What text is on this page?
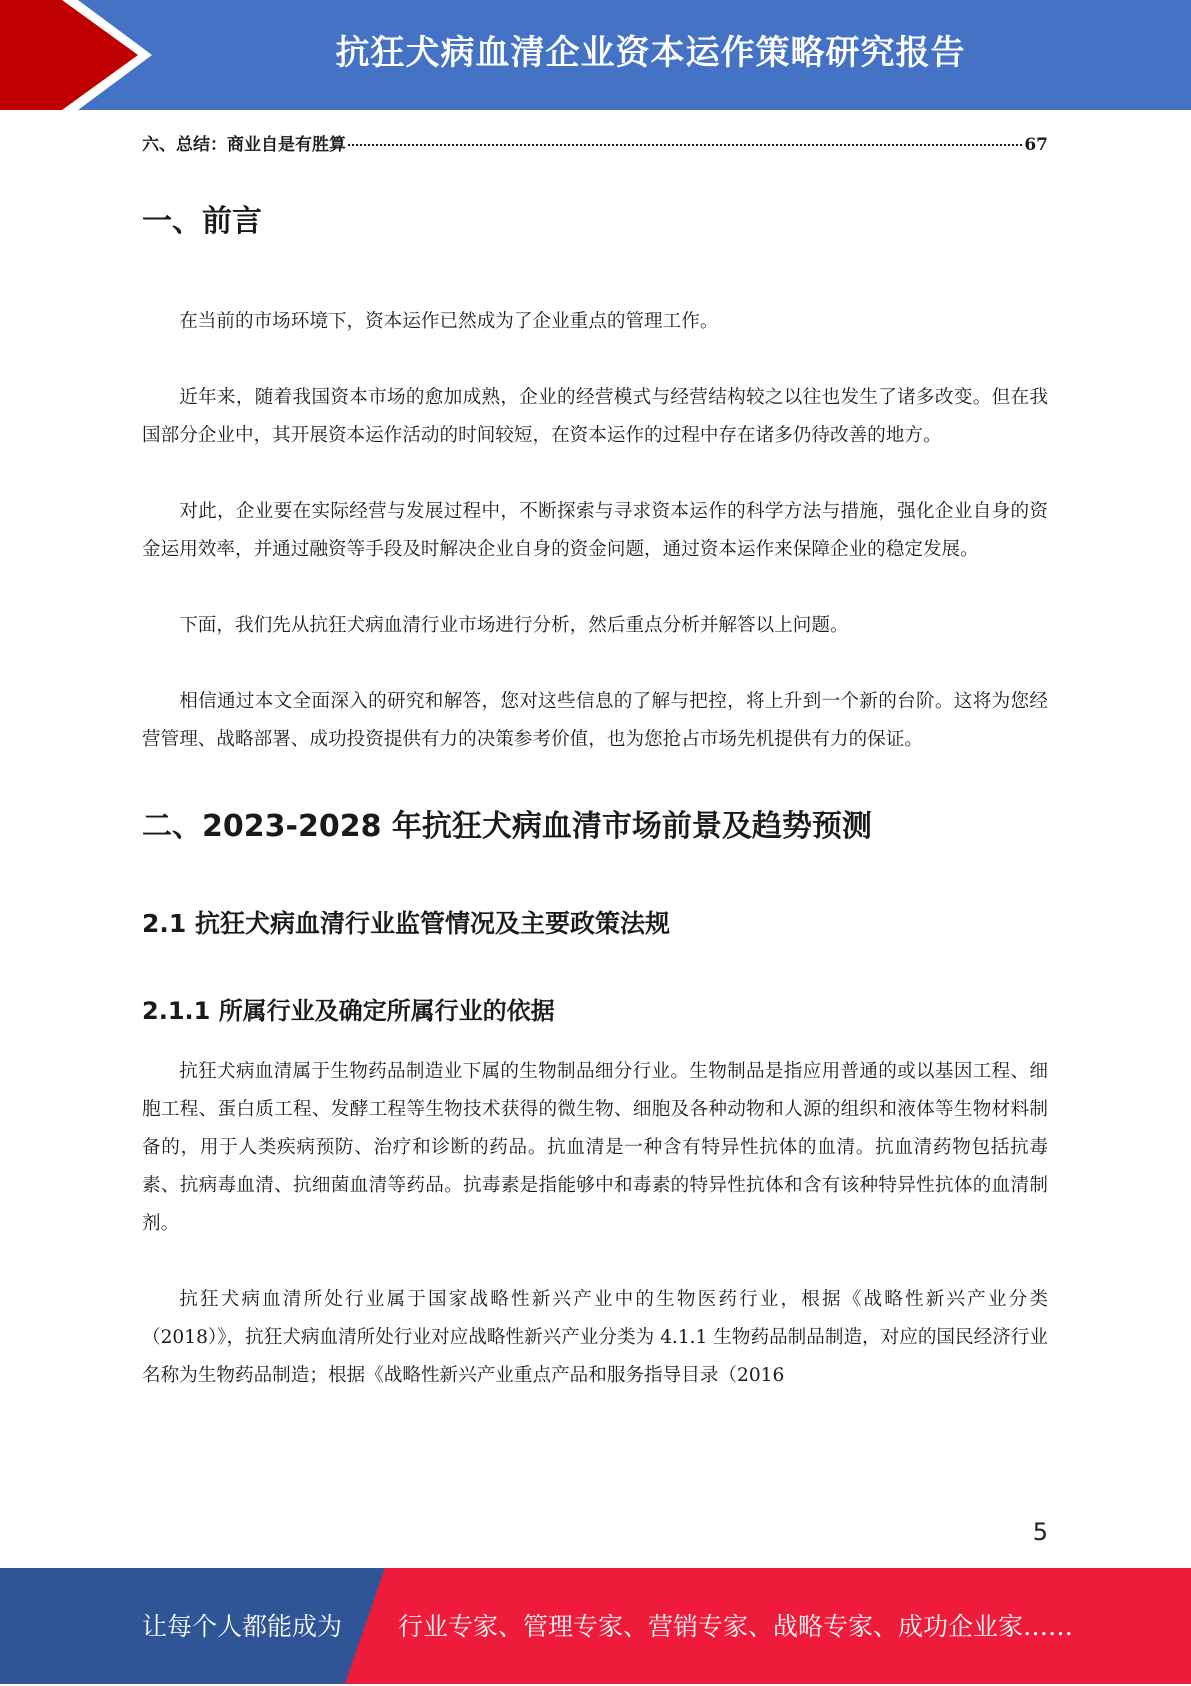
抗狂犬病血清企业资本运作策略研究报告
六、总结：商业自是有胜算	67
一、前言

在当前的市场环境下，资本运作已然成为了企业重点的管理工作。

近年来，随着我国资本市场的愈加成熟，企业的经营模式与经营结构较之以往也发生了诸多改变。但在我国部分企业中，其开展资本运作活动的时间较短，在资本运作的过程中存在诸多仍待改善的地方。

对此，企业要在实际经营与发展过程中，不断探索与寻求资本运作的科学方法与措施，强化企业自身的资金运用效率，并通过融资等手段及时解决企业自身的资金问题，通过资本运作来保障企业的稳定发展。

下面，我们先从抗狂犬病血清行业市场进行分析，然后重点分析并解答以上问题。

相信通过本文全面深入的研究和解答，您对这些信息的了解与把控，将上升到一个新的台阶。这将为您经营管理、战略部署、成功投资提供有力的决策参考价值，也为您抢占市场先机提供有力的保证。

二、2023-2028 年抗狂犬病血清市场前景及趋势预测
2.1 抗狂犬病血清行业监管情况及主要政策法规
2.1.1 所属行业及确定所属行业的依据

抗狂犬病血清属于生物药品制造业下属的生物制品细分行业。生物制品是指应用普通的或以基因工程、细胞工程、蛋白质工程、发酵工程等生物技术获得的微生物、细胞及各种动物和人源的组织和液体等生物材料制备的，用于人类疾病预防、治疗和诊断的药品。抗血清是一种含有特异性抗体的血清。抗血清药物包括抗毒素、抗病毒血清、抗细菌血清等药品。抗毒素是指能够中和毒素的特异性抗体和含有该种特异性抗体的血清制剂。

抗狂犬病血清所处行业属于国家战略性新兴产业中的生物医药行业，根据《战略性新兴产业分类（2018）》，抗狂犬病血清所处行业对应战略性新兴产业分类为 4.1.1 生物药品制品制造，对应的国民经济行业名称为生物药品制造；根据《战略性新兴产业重点产品和服务指导目录（2016

5
让每个人都能成为 行业专家、管理专家、营销专家、战略专家、成功企业家……
